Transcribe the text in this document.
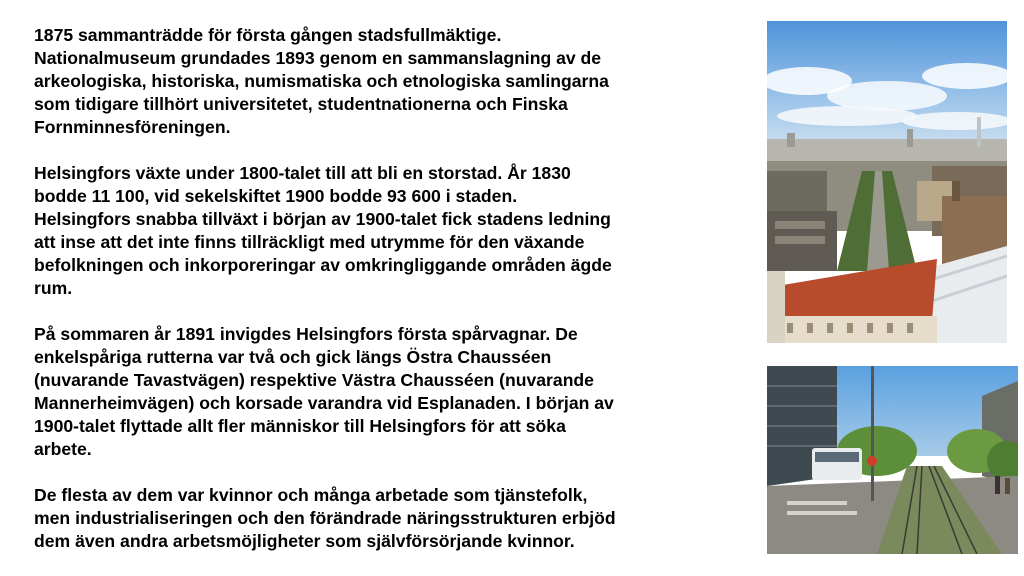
1875 sammanträdde för första gången stadsfullmäktige.
Nationalmuseum grundades 1893 genom en sammanslagning av de
arkeologiska, historiska, numismatiska och etnologiska samlingarna
som tidigare tillhört universitetet, studentnationerna och Finska
Fornminnesföreningen.

Helsingfors växte under 1800-talet till att bli en storstad. År 1830
bodde 11 100, vid sekelskiftet 1900 bodde 93 600 i staden.
Helsingfors snabba tillväxt i början av 1900-talet fick stadens ledning
att inse att det inte finns tillräckligt med utrymme för den växande
befolkningen och inkorporeringar av omkringliggande områden ägde
rum.

På sommaren år 1891 invigdes Helsingfors första spårvagnar. De
enkelspåriga rutterna var två och gick längs Östra Chausséen
(nuvarande Tavastvägen) respektive Västra Chausséen (nuvarande
Mannerheimvägen) och korsade varandra vid Esplanaden. I början av
1900-talet flyttade allt fler människor till Helsingfors för att söka
arbete.

De flesta av dem var kvinnor och många arbetade som tjänstefolk,
men industrialiseringen och den förändrade näringsstrukturen erbjöd
dem även andra arbetsmöjligheter som självförsörjande kvinnor.
